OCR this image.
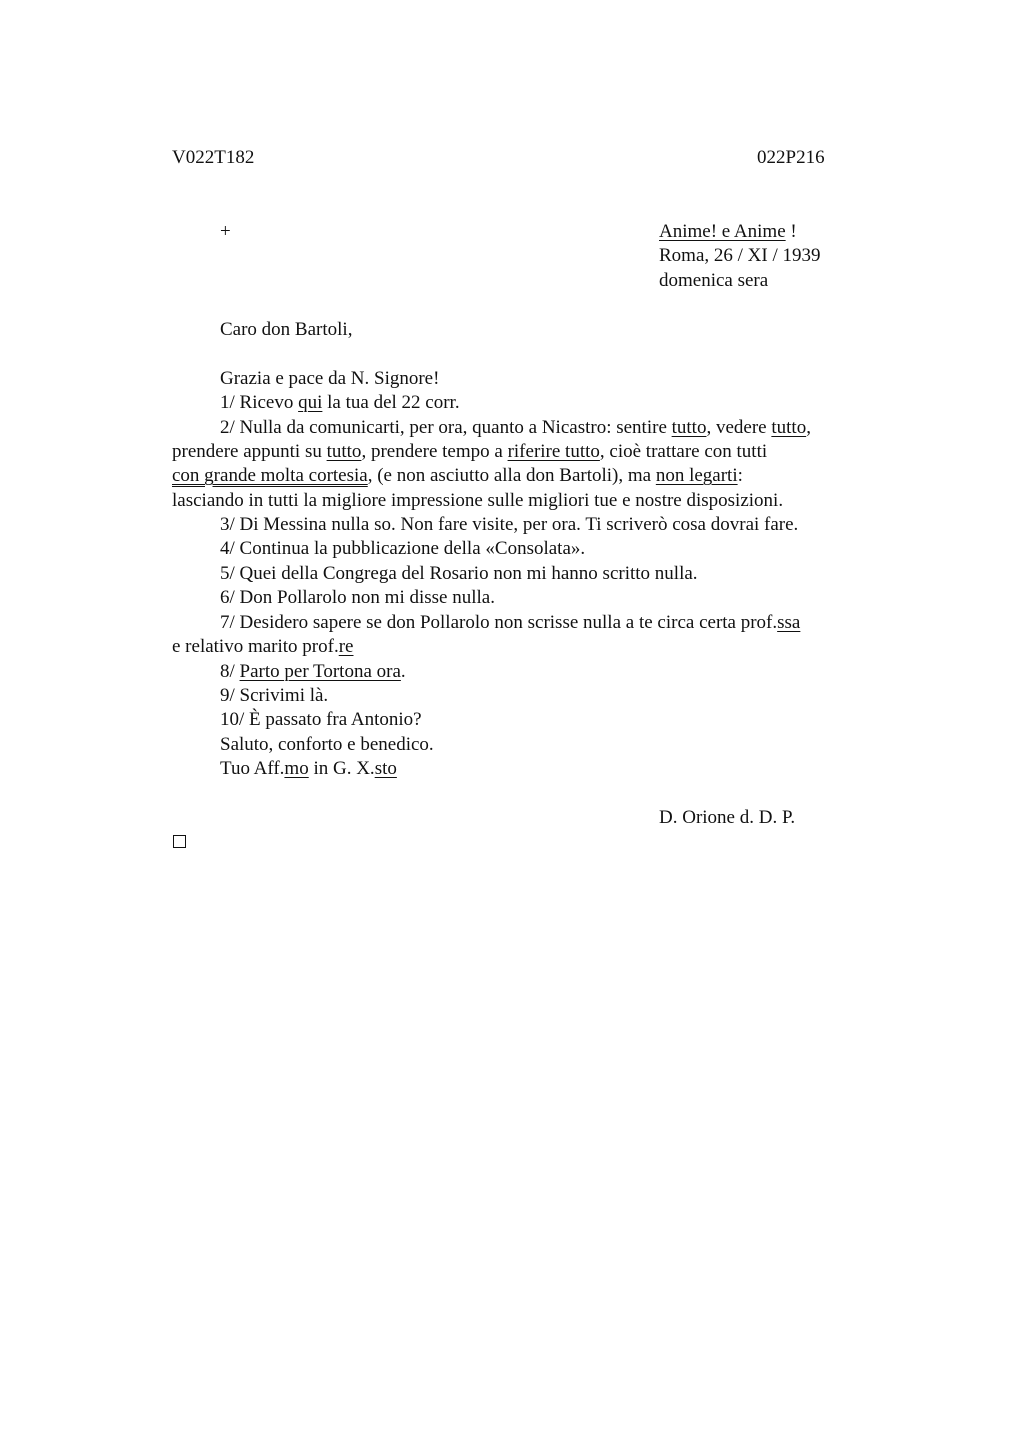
V022T182	022P216
+	Anime! e Anime !
Roma, 26 / XI / 1939
domenica sera
Caro don Bartoli,
Grazia e pace da N. Signore!
1/ Ricevo qui la tua del 22 corr.
2/ Nulla da comunicarti, per ora, quanto a Nicastro: sentire tutto, vedere tutto,
prendere appunti su tutto, prendere tempo a riferire tutto, cioè trattare con tutti
con grande molta cortesia, (e non asciutto alla don Bartoli), ma non legarti:
lasciando in tutti la migliore impressione sulle migliori tue e nostre disposizioni.
3/ Di Messina nulla so. Non fare visite, per ora. Ti scriverò cosa dovrai fare.
4/ Continua la pubblicazione della «Consolata».
5/ Quei della Congrega del Rosario non mi hanno scritto nulla.
6/ Don Pollarolo non mi disse nulla.
7/ Desidero sapere se don Pollarolo non scrisse nulla a te circa certa prof.ssa
e relativo marito prof.re
8/ Parto per Tortona ora.
9/ Scrivimi là.
10/ È passato fra Antonio?
Saluto, conforto e benedico.
Tuo Aff.mo in G. X.sto
D. Orione d. D. P.
